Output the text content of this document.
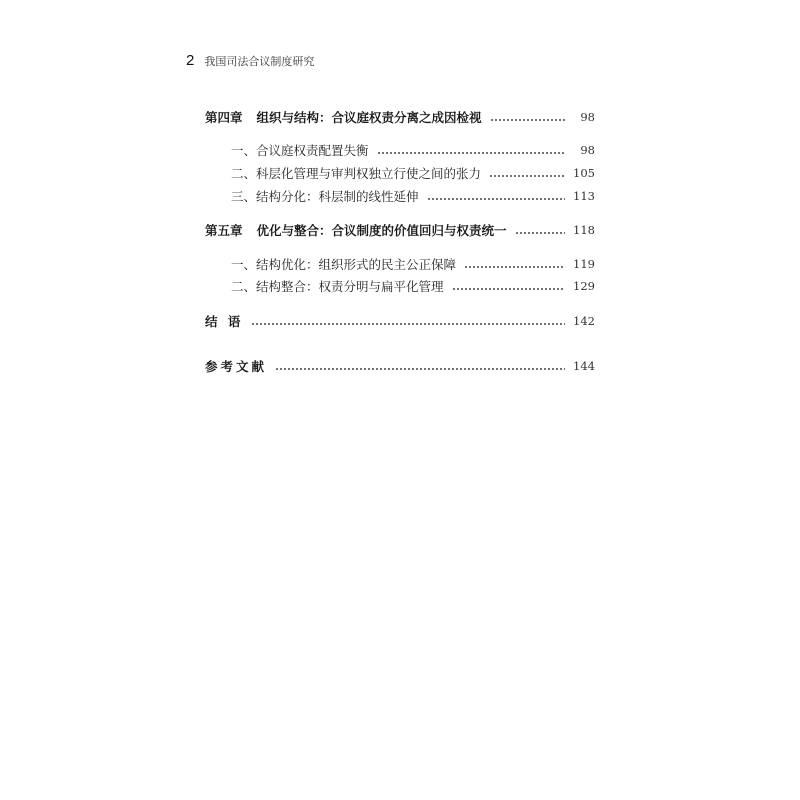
2 我国司法合议制度研究
第四章 组织与结构：合议庭权责分离之成因检视	98
一、合议庭权责配置失衡	98
二、科层化管理与审判权独立行使之间的张力	105
三、结构分化：科层制的线性延伸	113
第五章 优化与整合：合议制度的价值回归与权责统一	118
一、结构优化：组织形式的民主公正保障	119
二、结构整合：权责分明与扁平化管理	129
结 语	142
参考文献	144
